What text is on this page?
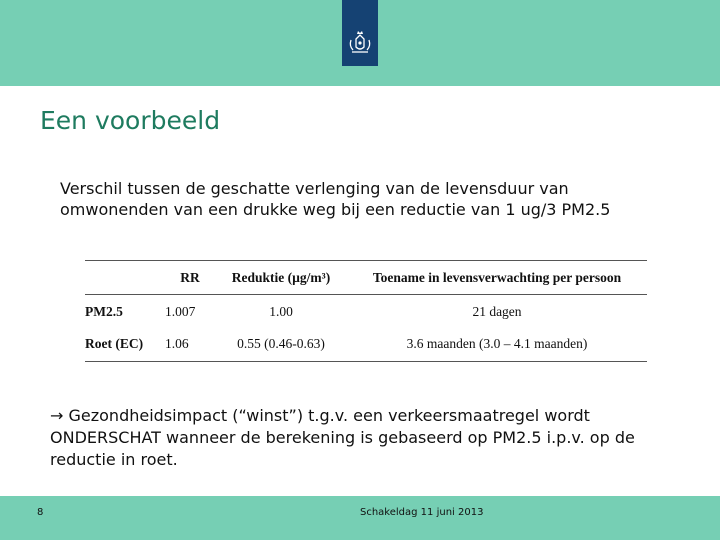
Een voorbeeld
Verschil tussen de geschatte verlenging van de levensduur van omwonenden van een drukke weg bij een reductie van 1 ug/3 PM2.5
	RR	Reduktie (µg/m³)	Toename in levensverwachting per persoon
PM2.5	1.007	1.00	21 dagen
Roet (EC)	1.06	0.55 (0.46-0.63)	3.6 maanden (3.0 – 4.1 maanden)
→ Gezondheidsimpact (“winst”) t.g.v. een verkeersmaatregel wordt ONDERSCHAT wanneer de berekening is gebaseerd op PM2.5 i.p.v. op de reductie in roet.
8	Schakeldag 11 juni 2013
